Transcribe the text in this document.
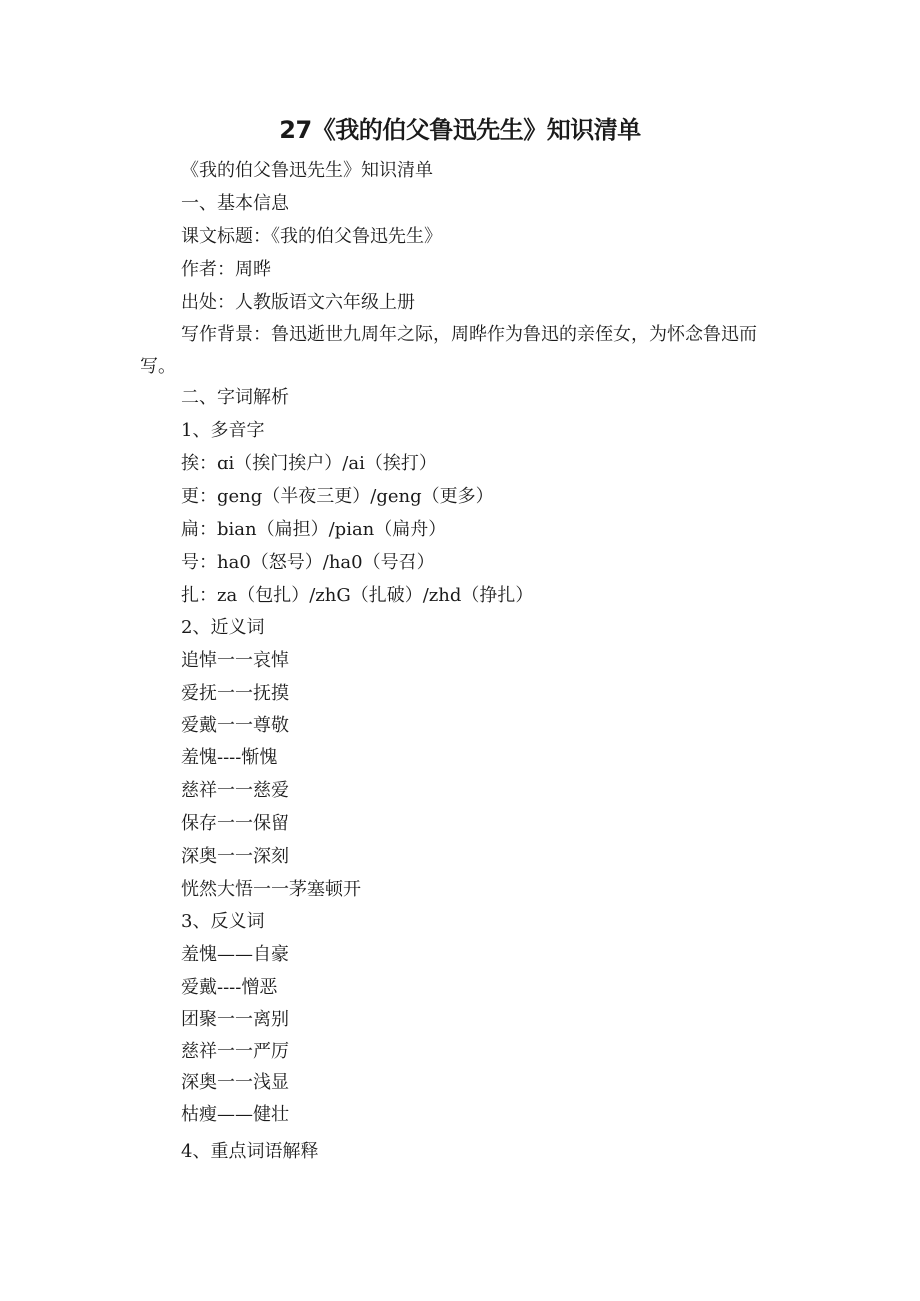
27《我的伯父鲁迅先生》知识清单
《我的伯父鲁迅先生》知识清单
一、基本信息
课文标题：《我的伯父鲁迅先生》
作者：周晔
出处：人教版语文六年级上册
写作背景：鲁迅逝世九周年之际，周晔作为鲁迅的亲侄女，为怀念鲁迅而写。
二、字词解析
1、多音字
挨：ɑi（挨门挨户）/ai（挨打）
更：geng（半夜三更）/geng（更多）
扁：bian（扁担）/pian（扁舟）
号：ha0（怒号）/ha0（号召）
扎：za（包扎）/zhG（扎破）/zhd（挣扎）
2、近义词
追悼一一哀悼
爱抚一一抚摸
爱戴一一尊敬
羞愧----惭愧
慈祥一一慈爱
保存一一保留
深奥一一深刻
恍然大悟一一茅塞顿开
3、反义词
羞愧——自豪
爱戴----憎恶
团聚一一离别
慈祥一一严厉
深奥一一浅显
枯瘦——健壮
4、重点词语解释
